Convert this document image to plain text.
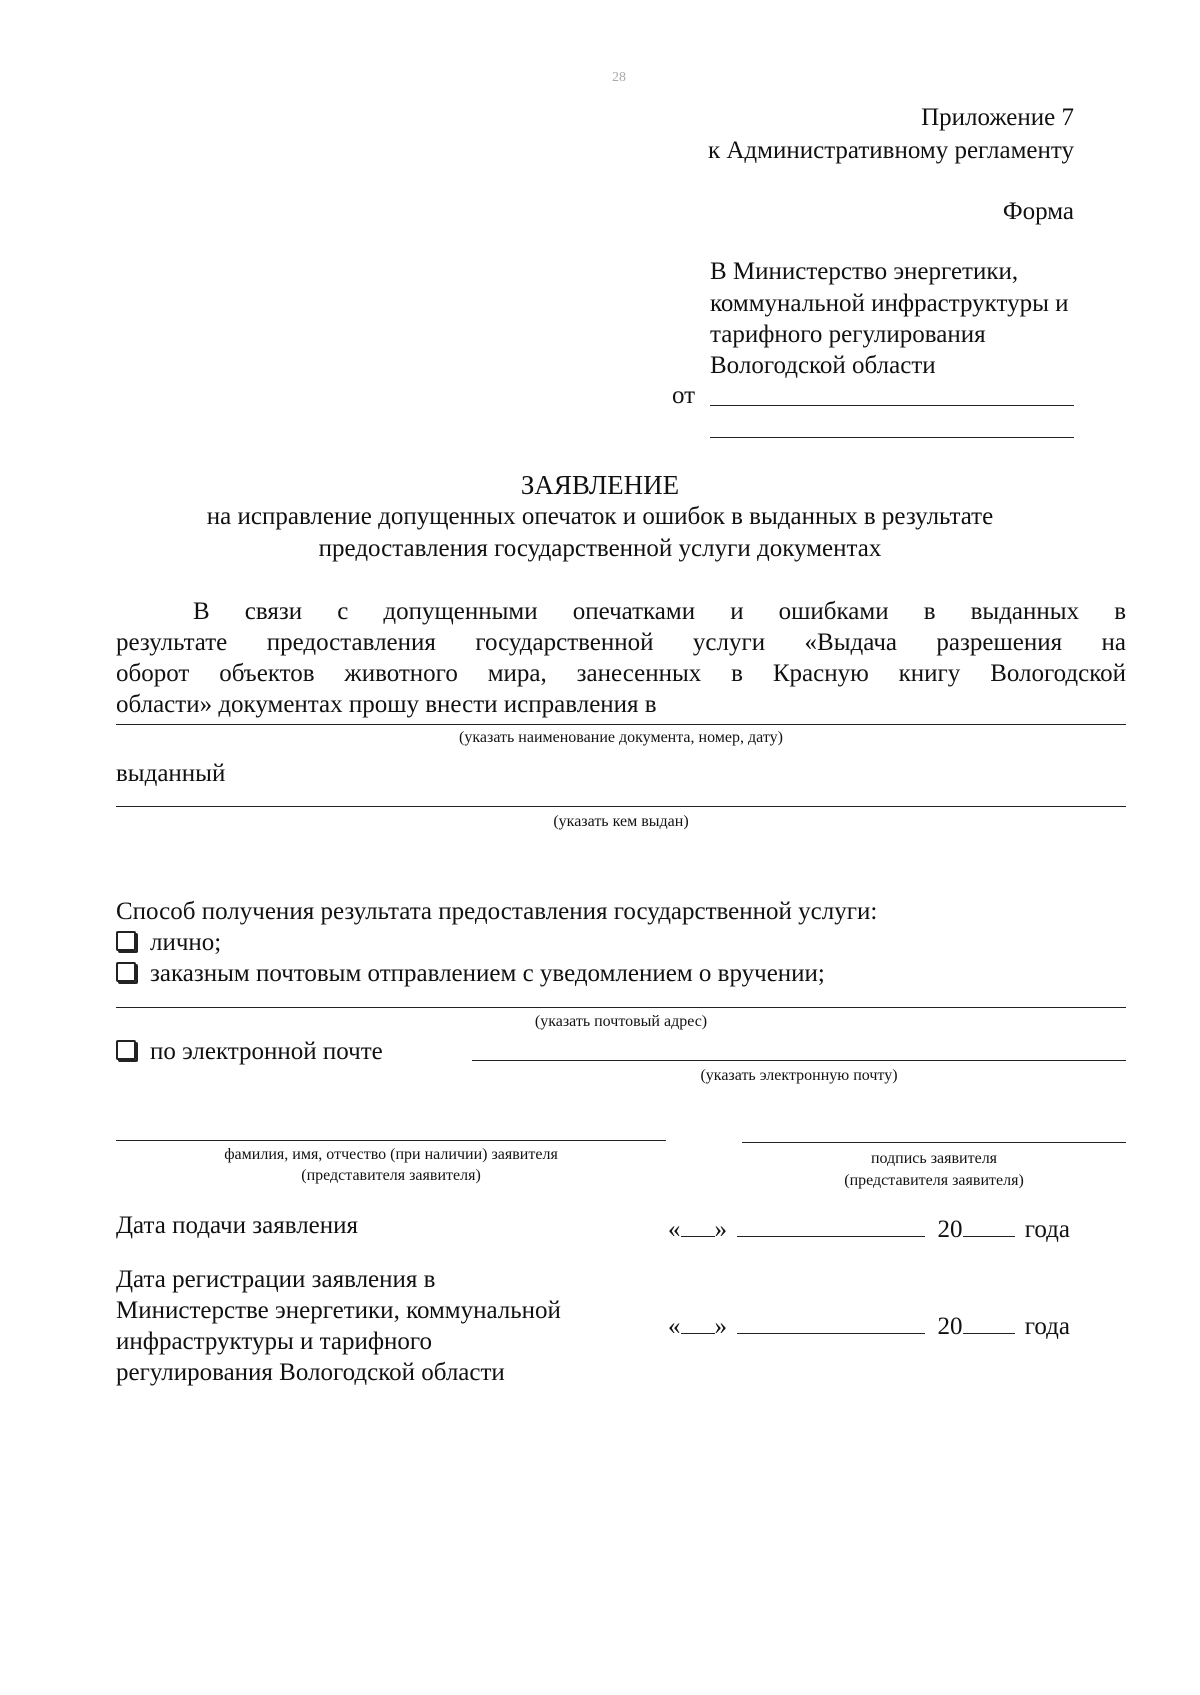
28
Приложение 7
к Административному регламенту
Форма
В Министерство энергетики,
коммунальной инфраструктуры и
тарифного регулирования
Вологодской области
от
ЗАЯВЛЕНИЕ
на исправление допущенных опечаток и ошибок в выданных в результате
предоставления государственной услуги документах
В связи с допущенными опечатками и ошибками в выданных в
результате предоставления государственной услуги «Выдача разрешения на
оборот объектов животного мира, занесенных в Красную книгу Вологодской
области» документах прошу внести исправления в
(указать наименование документа, номер, дату)
выданный
(указать кем выдан)
Способ получения результата предоставления государственной услуги:
лично;
заказным почтовым отправлением с уведомлением о вручении;
(указать почтовый адрес)
по электронной почте
(указать электронную почту)
фамилия, имя, отчество (при наличии) заявителя
(представителя заявителя)
подпись заявителя
(представителя заявителя)
Дата подачи заявления	« »	20 года
Дата регистрации заявления в
Министерстве энергетики, коммунальной
инфраструктуры и тарифного
регулирования Вологодской области
« »	20 года
